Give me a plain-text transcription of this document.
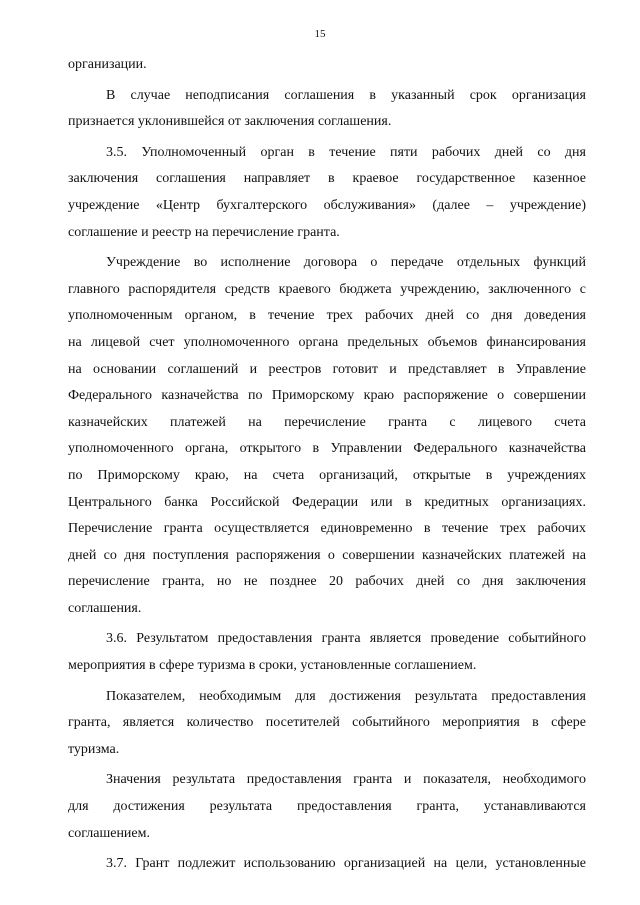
15
организации.
В случае неподписания соглашения в указанный срок организация
признается уклонившейся от заключения соглашения.
3.5. Уполномоченный орган в течение пяти рабочих дней со дня
заключения соглашения направляет в краевое государственное казенное
учреждение «Центр бухгалтерского обслуживания» (далее – учреждение)
соглашение и реестр на перечисление гранта.
Учреждение во исполнение договора о передаче отдельных функций
главного распорядителя средств краевого бюджета учреждению, заключенного с
уполномоченным органом, в течение трех рабочих дней со дня доведения
на лицевой счет уполномоченного органа предельных объемов финансирования
на основании соглашений и реестров готовит и представляет в Управление
Федерального казначейства по Приморскому краю распоряжение о совершении
казначейских платежей на перечисление гранта с лицевого счета
уполномоченного органа, открытого в Управлении Федерального казначейства
по Приморскому краю, на счета организаций, открытые в учреждениях
Центрального банка Российской Федерации или в кредитных организациях.
Перечисление гранта осуществляется единовременно в течение трех рабочих
дней со дня поступления распоряжения о совершении казначейских платежей на
перечисление гранта, но не позднее 20 рабочих дней со дня заключения
соглашения.
3.6. Результатом предоставления гранта является проведение событийного
мероприятия в сфере туризма в сроки, установленные соглашением.
Показателем, необходимым для достижения результата предоставления
гранта, является количество посетителей событийного мероприятия в сфере
туризма.
Значения результата предоставления гранта и показателя, необходимого
для достижения результата предоставления гранта, устанавливаются
соглашением.
3.7. Грант подлежит использованию организацией на цели, установленные
